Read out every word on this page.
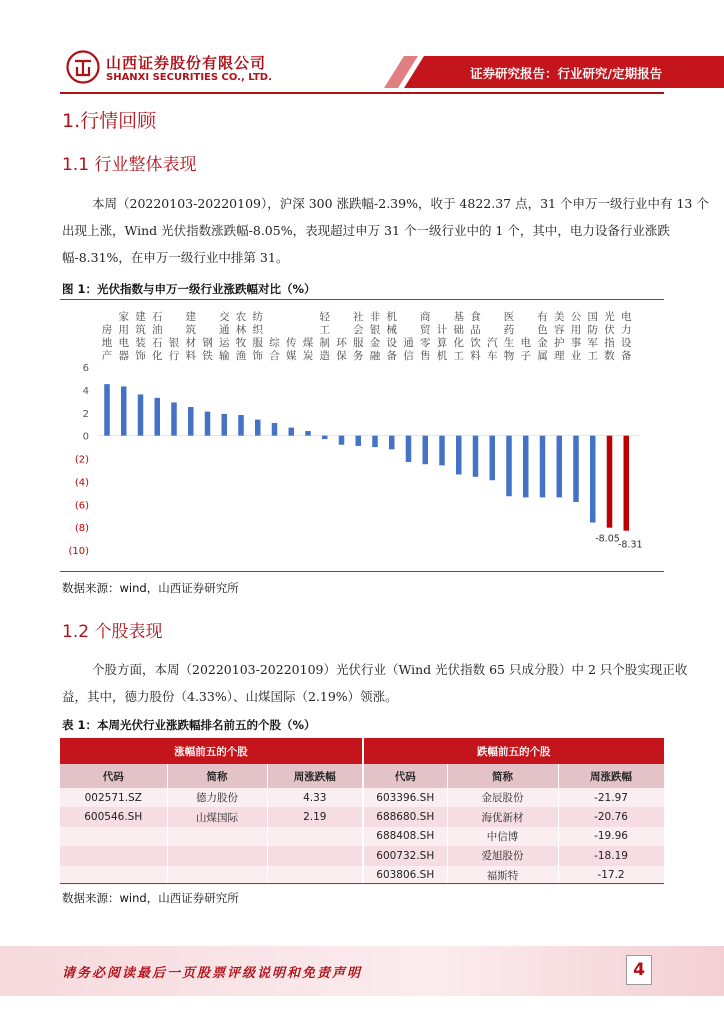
山西证券股份有限公司
SHANXI SECURITIES CO., LTD.	证券研究报告：行业研究/定期报告
1.行情回顾
1.1 行业整体表现
本周（20220103-20220109），沪深 300 涨跌幅-2.39%，收于 4822.37 点，31 个申万一级行业中有 13 个
出现上涨，Wind 光伏指数涨跌幅-8.05%，表现超过申万 31 个一级行业中的 1 个，其中，电力设备行业涨跌
幅-8.31%，在申万一级行业中排第 31。
图 1：光伏指数与申万一级行业涨跌幅对比（%）
房地产
家用电器
建筑装饰
石油石化
银行
建筑材料
钢铁
交通运输
农林牧渔
纺织服饰
综合
传媒
煤炭
轻工制造
环保
社会服务
非银金融
机械设备
通信
商贸零售
计算机
基础化工
食品饮料
汽车
医药生物
电子
有色金属
美容护理
公用事业
国防军工
光伏指数
电力设备
6
4
2
0
(2)
(4)
(6)
(8)
(10)
-8.05
-8.31
数据来源：wind，山西证券研究所
1.2 个股表现
个股方面，本周（20220103-20220109）光伏行业（Wind 光伏指数 65 只成分股）中 2 只个股实现正收
益，其中，德力股份（4.33%）、山煤国际（2.19%）领涨。
表 1：本周光伏行业涨跌幅排名前五的个股（%）
涨幅前五的个股			跌幅前五的个股		
代码	简称	周涨跌幅	代码	简称	周涨跌幅
002571.SZ	德力股份	4.33	603396.SH	金辰股份	-21.97
600546.SH	山煤国际	2.19	688680.SH	海优新材	-20.76
			688408.SH	中信博	-19.96
			600732.SH	爱旭股份	-18.19
			603806.SH	福斯特	-17.2
数据来源：wind，山西证券研究所
请务必阅读最后一页股票评级说明和免责声明	4
